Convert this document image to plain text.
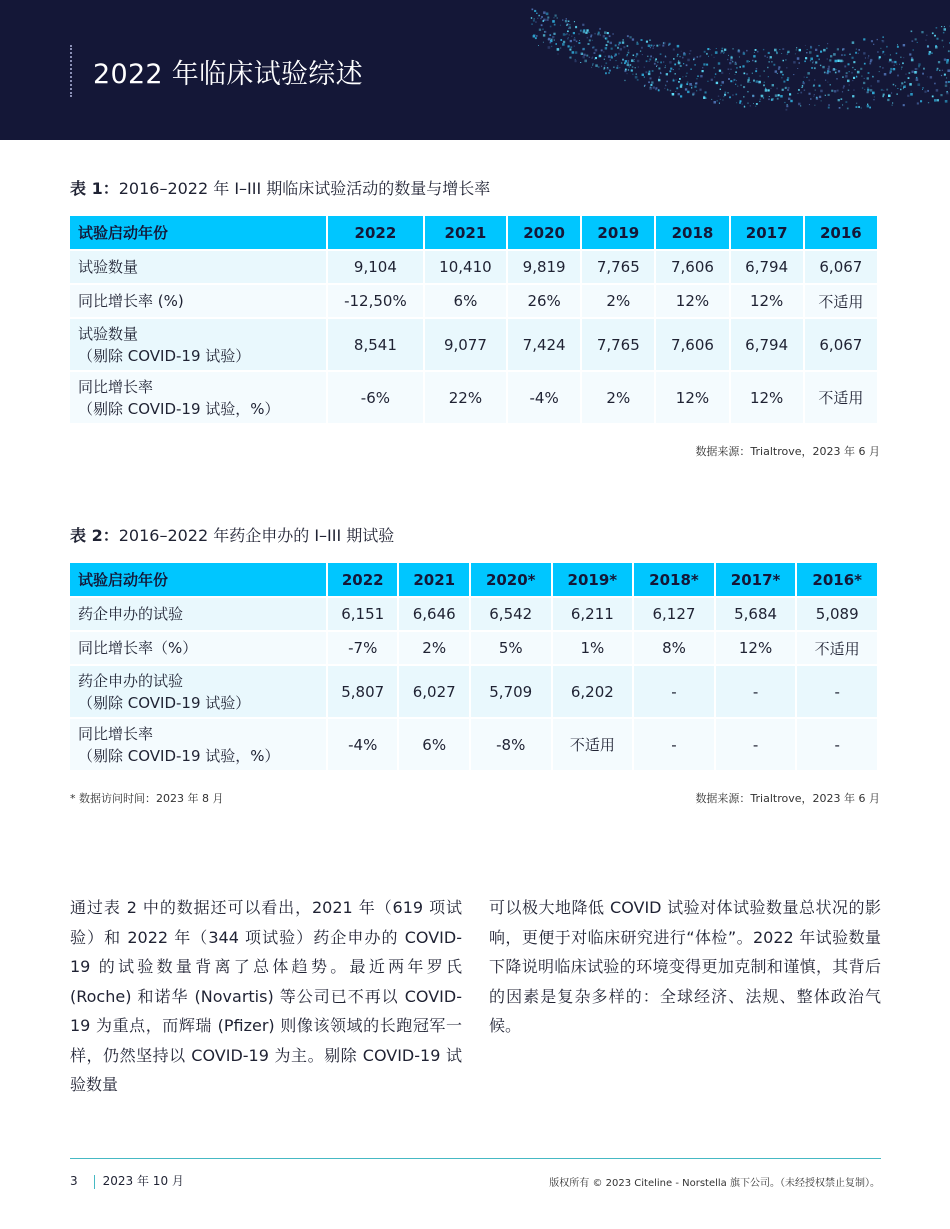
2022 年临床试验综述
表 1：2016–2022 年 I–III 期临床试验活动的数量与增长率
试验启动年份	2022	2021	2020	2019	2018	2017	2016
试验数量	9,104	10,410	9,819	7,765	7,606	6,794	6,067
同比增长率 (%)	-12,50%	6%	26%	2%	12%	12%	不适用
试验数量
（剔除 COVID-19 试验）	8,541	9,077	7,424	7,765	7,606	6,794	6,067
同比增长率
（剔除 COVID-19 试验，%）	-6%	22%	-4%	2%	12%	12%	不适用
数据来源：Trialtrove，2023 年 6 月
表 2：2016–2022 年药企申办的 I–III 期试验
试验启动年份	2022	2021	2020*	2019*	2018*	2017*	2016*
药企申办的试验	6,151	6,646	6,542	6,211	6,127	5,684	5,089
同比增长率（%）	-7%	2%	5%	1%	8%	12%	不适用
药企申办的试验
（剔除 COVID-19 试验）	5,807	6,027	5,709	6,202	-	-	-
同比增长率
（剔除 COVID-19 试验，%）	-4%	6%	-8%	不适用	-	-	-
* 数据访问时间：2023 年 8 月	数据来源：Trialtrove，2023 年 6 月
通过表 2 中的数据还可以看出，2021 年（619 项试验）和 2022 年（344 项试验）药企申办的 COVID-19 的试验数量背离了总体趋势。最近两年罗氏 (Roche) 和诺华 (Novartis) 等公司已不再以 COVID-19 为重点，而辉瑞 (Pfizer) 则像该领域的长跑冠军一样，仍然坚持以 COVID-19 为主。剔除 COVID-19 试验数量
可以极大地降低 COVID 试验对体试验数量总状况的影响，更便于对临床研究进行“体检”。2022 年试验数量下降说明临床试验的环境变得更加克制和谨慎，其背后的因素是复杂多样的：全球经济、法规、整体政治气候。
3 2023 年 10 月	版权所有 © 2023 Citeline - Norstella 旗下公司。（未经授权禁止复制）。
